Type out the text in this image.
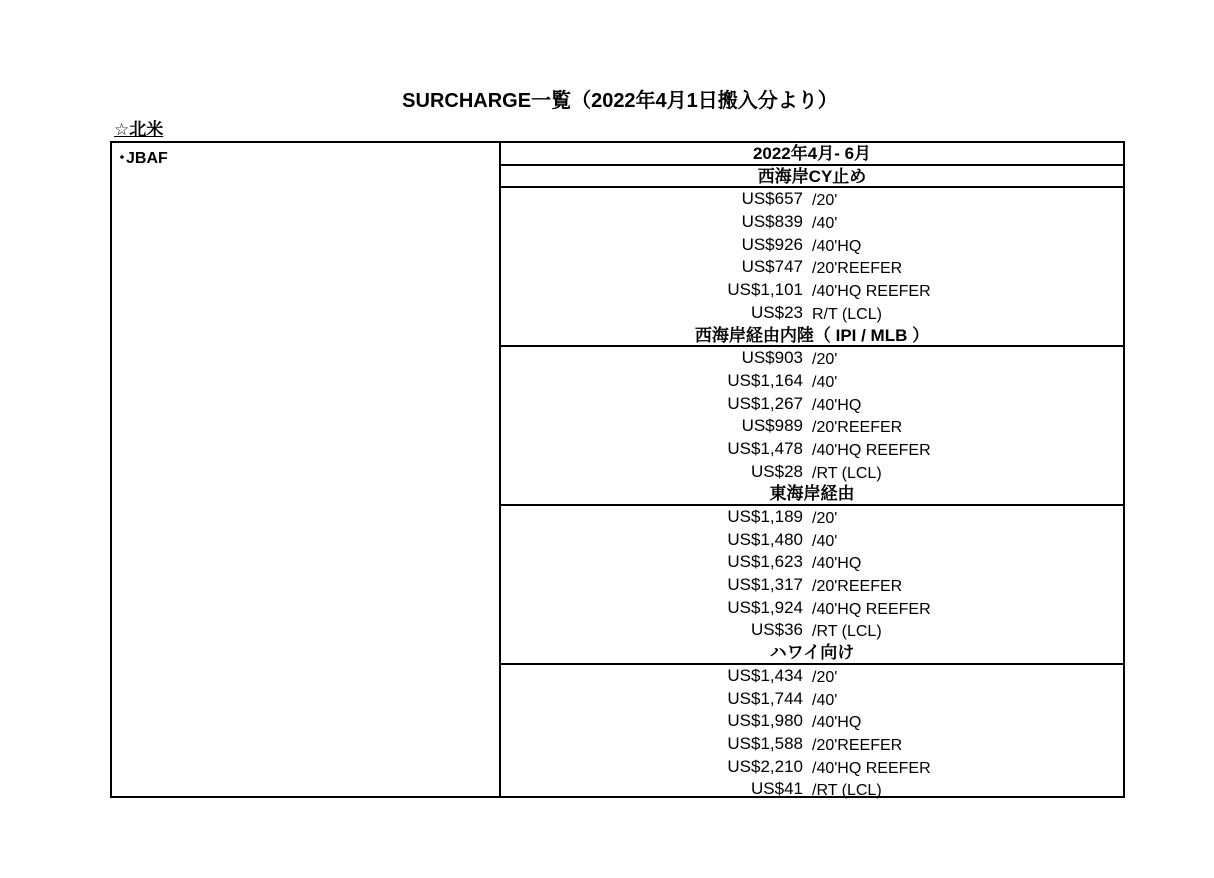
SURCHARGE一覧（2022年4月1日搬入分より）
☆北米
･JBAF	2022年4月- 6月
西海岸CY止め
US$657 /20'
US$839 /40'
US$926 /40'HQ
US$747 /20'REEFER
US$1,101 /40'HQ REEFER
US$23 R/T (LCL)
西海岸経由内陸（ IPI / MLB ）
US$903 /20'
US$1,164 /40'
US$1,267 /40'HQ
US$989 /20'REEFER
US$1,478 /40'HQ REEFER
US$28 /RT (LCL)
東海岸経由
US$1,189 /20'
US$1,480 /40'
US$1,623 /40'HQ
US$1,317 /20'REEFER
US$1,924 /40'HQ REEFER
US$36 /RT (LCL)
ハワイ向け
US$1,434 /20'
US$1,744 /40'
US$1,980 /40'HQ
US$1,588 /20'REEFER
US$2,210 /40'HQ REEFER
US$41 /RT (LCL)
